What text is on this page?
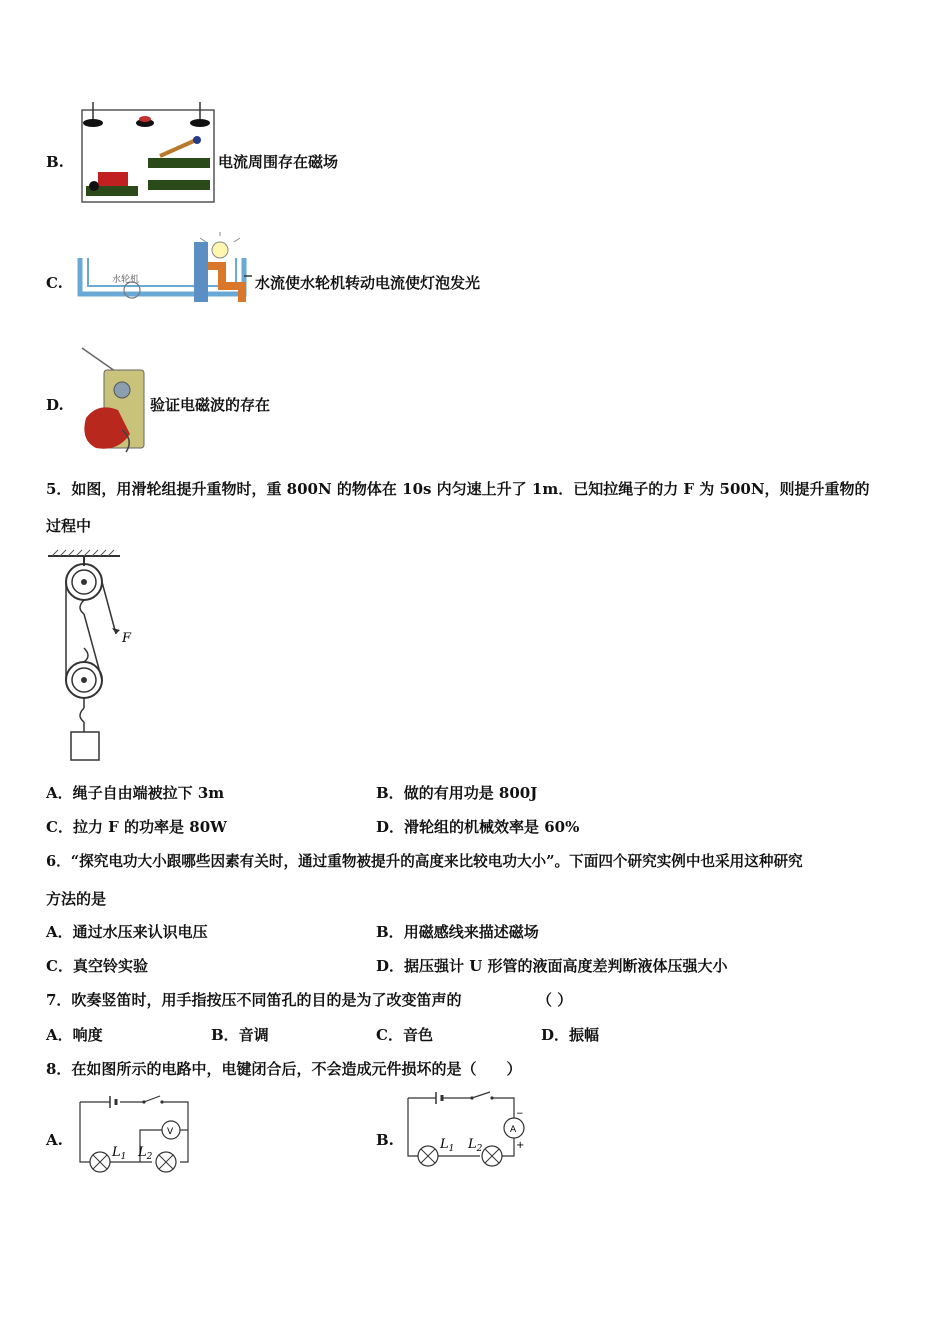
B.	电流周围存在磁场
C.	水轮机	水流使水轮机转动电流使灯泡发光
D.	验证电磁波的存在
5．如图，用滑轮组提升重物时，重 800N 的物体在 10s 内匀速上升了 1m．已知拉绳子的力 F 为 500N，则提升重物的
过程中
F
A．绳子自由端被拉下 3m	B．做的有用功是 800J
C．拉力 F 的功率是 80W	D．滑轮组的机械效率是 60%
6．“探究电功大小跟哪些因素有关时，通过重物被提升的高度来比较电功大小”。下面四个研究实例中也采用这种研究
方法的是
A．通过水压来认识电压	B．用磁感线来描述磁场
C．真空铃实验	D．据压强计 U 形管的液面高度差判断液体压强大小
7．吹奏竖笛时，用手指按压不同笛孔的目的是为了改变笛声的	（ ）
A．响度	B．音调	C．音色	D．振幅
8．在如图所示的电路中，电键闭合后，不会造成元件损坏的是（　　）
A.	V
$L_1$ $L_2$
B.
A
−
+
$L_1$ $L_2$
